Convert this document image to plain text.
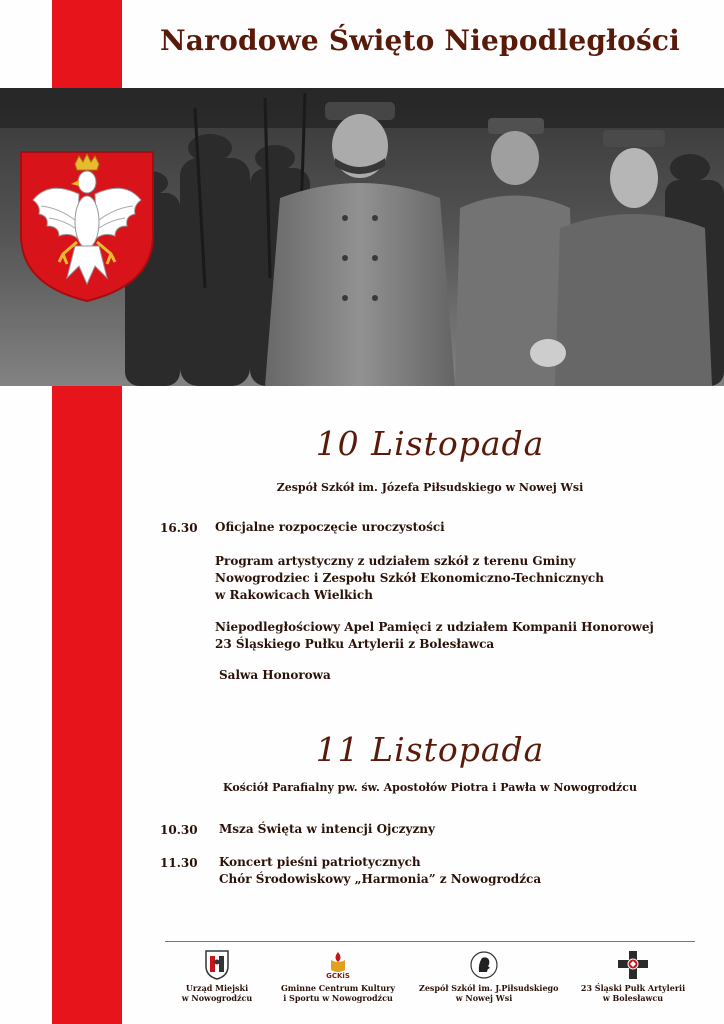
Narodowe Święto Niepodległości
10 Listopada
Zespół Szkół im. Józefa Piłsudskiego w Nowej Wsi
16.30 Oficjalne rozpoczęcie uroczystości
Program artystyczny z udziałem szkół z terenu Gminy
Nowogrodziec i Zespołu Szkół Ekonomiczno-Technicznych
w Rakowicach Wielkich
Niepodległościowy Apel Pamięci z udziałem Kompanii Honorowej
23 Śląskiego Pułku Artylerii z Bolesławca
Salwa Honorowa
11 Listopada
Kościół Parafialny pw. św. Apostołów Piotra i Pawła w Nowogrodźcu
10.30 Msza Święta w intencji Ojczyzny
11.30 Koncert pieśni patriotycznych
Chór Środowiskowy „Harmonia” z Nowogrodźca
Urząd Miejski
w Nowogrodźcu
GCKiS
Gminne Centrum Kultury
i Sportu w Nowogrodźcu
Zespół Szkół im. J.Piłsudskiego
w Nowej Wsi
23 Śląski Pułk Artylerii
w Bolesławcu
